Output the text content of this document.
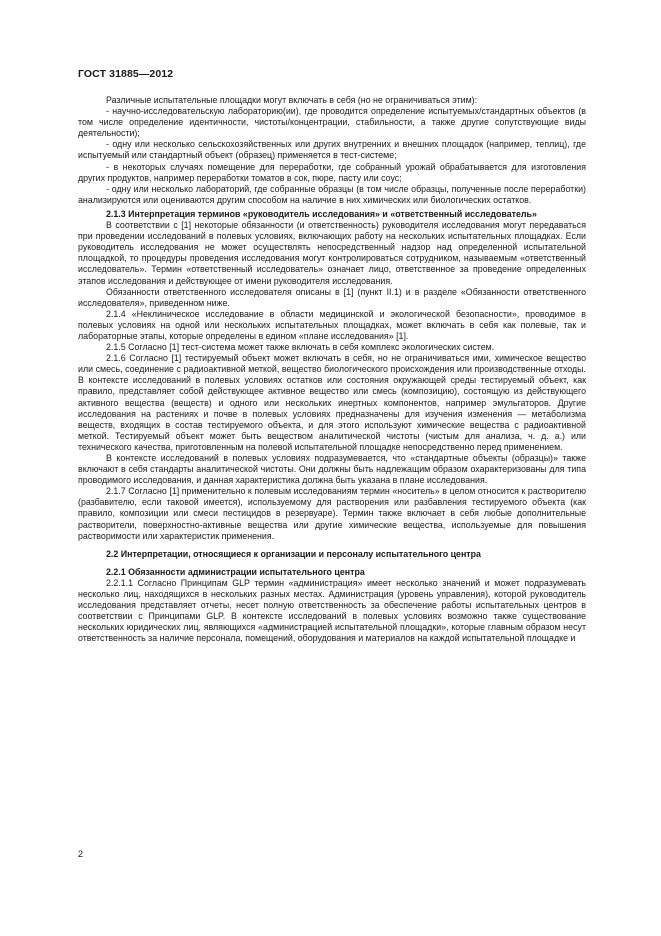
ГОСТ 31885—2012

Различные испытательные площадки могут включать в себя (но не ограничиваться этим):

- научно-исследовательскую лабораторию(ии), где проводится определение испытуемых/стандартных объектов (в том числе определение идентичности, чистоты/концентрации, стабильности, а также другие сопутствующие виды деятельности);

- одну или несколько сельскохозяйственных или других внутренних и внешних площадок (например, теплиц), где испытуемый или стандартный объект (образец) применяется в тест-системе;

- в некоторых случаях помещение для переработки, где собранный урожай обрабатывается для изготовления других продуктов, например переработки томатов в сок, пюре, пасту или соус;

- одну или несколько лабораторий, где собранные образцы (в том числе образцы, полученные после переработки) анализируются или оцениваются другим способом на наличие в них химических или биологических остатков.

2.1.3 Интерпретация терминов «руководитель исследования» и «ответственный исследователь»

В соответствии с [1] некоторые обязанности (и ответственность) руководителя исследования могут передаваться при проведении исследований в полевых условиях, включающих работу на нескольких испытательных площадках. Если руководитель исследования не может осуществлять непосредственный надзор над определенной испытательной площадкой, то процедуры проведения исследования могут контролироваться сотрудником, называемым «ответственный исследователь». Термин «ответственный исследователь» означает лицо, ответственное за проведение определенных этапов исследования и действующее от имени руководителя исследования.

Обязанности ответственного исследователя описаны в [1] (пункт II.1) и в разделе «Обязанности ответственного исследователя», приведенном ниже.

2.1.4 «Неклиническое исследование в области медицинской и экологической безопасности», проводимое в полевых условиях на одной или нескольких испытательных площадках, может включать в себя как полевые, так и лабораторные этапы, которые определены в едином «плане исследования» [1].

2.1.5 Согласно [1] тест-система может также включать в себя комплекс экологических систем.

2.1.6 Согласно [1] тестируемый объект может включать в себя, но не ограничиваться ими, химическое вещество или смесь, соединение с радиоактивной меткой, вещество биологического происхождения или производственные отходы. В контексте исследований в полевых условиях остатков или состояния окружающей среды тестируемый объект, как правило, представляет собой действующее активное вещество или смесь (композицию), состоящую из действующего активного вещества (веществ) и одного или нескольких инертных компонентов, например эмульгаторов. Другие исследования на растениях и почве в полевых условиях предназначены для изучения изменения — метаболизма веществ, входящих в состав тестируемого объекта, и для этого используют химические вещества с радиоактивной меткой. Тестируемый объект может быть веществом аналитической чистоты (чистым для анализа, ч. д. а.) или технического качества, приготовленным на полевой испытательной площадке непосредственно перед применением.

В контексте исследований в полевых условиях подразумевается, что «стандартные объекты (образцы)» также включают в себя стандарты аналитической чистоты. Они должны быть надлежащим образом охарактеризованы для типа проводимого исследования, и данная характеристика должна быть указана в плане исследования.

2.1.7 Согласно [1] применительно к полевым исследованиям термин «носитель» в целом относится к растворителю (разбавителю, если таковой имеется), используемому для растворения или разбавления тестируемого объекта (как правило, композиции или смеси пестицидов в резервуаре). Термин также включает в себя любые дополнительные растворители, поверхностно-активные вещества или другие химические вещества, используемые для повышения растворимости или характеристик применения.

2.2 Интерпретации, относящиеся к организации и персоналу испытательного центра

2.2.1 Обязанности администрации испытательного центра

2.2.1.1 Согласно Принципам GLP термин «администрация» имеет несколько значений и может подразумевать несколько лиц, находящихся в нескольких разных местах. Администрация (уровень управления), которой руководитель исследования представляет отчеты, несет полную ответственность за обеспечение работы испытательных центров в соответствии с Принципами GLP. В контексте исследований в полевых условиях возможно также существование нескольких юридических лиц, являющихся «администрацией испытательной площадки», которые главным образом несут ответственность за наличие персонала, помещений, оборудования и материалов на каждой испытательной площадке и

2
